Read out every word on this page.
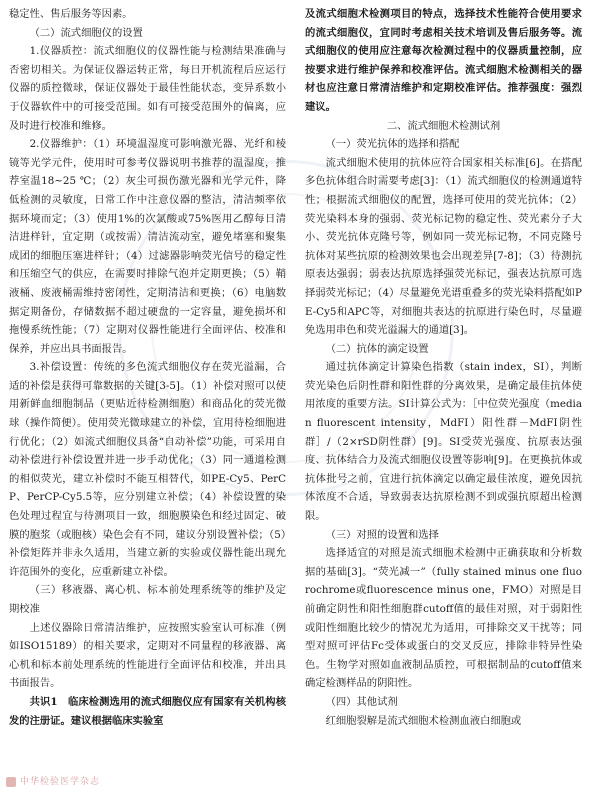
稳定性、售后服务等因素。

（二）流式细胞仪的设置

1.仪器质控：流式细胞仪的仪器性能与检测结果准确与否密切相关。为保证仪器运转正常，每日开机流程后应运行仪器的质控微球，保证仪器处于最佳性能状态，变异系数小于仪器软件中的可接受范围。如有可接受范围外的偏离，应及时进行校准和维修。

2.仪器维护：（1）环境温湿度可影响激光器、光纤和棱镜等光学元件，使用时可参考仪器说明书推荐的温湿度，推荐室温18~25 ℃；（2）灰尘可损伤激光器和光学元件，降低检测的灵敏度，日常工作中注意仪器的整洁，清洁频率依据环境而定；（3）使用1%的次氯酸或75%医用乙醇每日清洁进样针，宜定期（或按需）清洁流动室，避免堵塞和聚集成团的细胞压塞进样针；（4）过滤器影响荧光信号的稳定性和压缩空气的供应，在需要时排除气泡并定期更换；（5）鞘液桶、废液桶需维持密闭性，定期清洁和更换；（6）电脑数据定期备份，存储数据不超过硬盘的一定容量，避免损坏和拖慢系统性能；（7）定期对仪器性能进行全面评估、校准和保养，并应出具书面报告。

3.补偿设置：传统的多色流式细胞仪存在荧光溢漏，合适的补偿是获得可靠数据的关键[3-5]。（1）补偿对照可以使用新鲜血细胞制品（更贴近待检测细胞）和商品化的荧光微球（操作简便）。使用荧光微球建立的补偿，宜用待检细胞进行优化；（2）如流式细胞仪具备“自动补偿”功能，可采用自动补偿进行补偿设置并进一步手动优化；（3）同一通道检测的相似荧光，建立补偿时不能互相替代，如PE-Cy5、PerCP、PerCP-Cy5.5等，应分别建立补偿；（4）补偿设置的染色处理过程宜与待测项目一致，细胞膜染色和经过固定、破膜的胞浆（或胞核）染色会有不同，建议分别设置补偿；（5）补偿矩阵并非永久适用，当建立新的实验或仪器性能出现允许范围外的变化，应重新建立补偿。

（三）移液器、离心机、标本前处理系统等的维护及定期校准

上述仪器除日常清洁维护，应按照实验室认可标准（例如ISO15189）的相关要求，定期对不同量程的移液器、离心机和标本前处理系统的性能进行全面评估和校准，并出具书面报告。

共识1　临床检测选用的流式细胞仪应有国家有关机构核发的注册证。建议根据临床实验室

及流式细胞术检测项目的特点，选择技术性能符合使用要求的流式细胞仪，宜同时考虑相关技术培训及售后服务等。流式细胞仪的使用应注意每次检测过程中的仪器质量控制，应按要求进行维护保养和校准评估。流式细胞术检测相关的器材也应注意日常清洁维护和定期校准评估。推荐强度：强烈建议。

二、流式细胞术检测试剂

（一）荧光抗体的选择和搭配

流式细胞术使用的抗体应符合国家相关标准[6]。在搭配多色抗体组合时需要考虑[3]：（1）流式细胞仪的检测通道特性；根据流式细胞仪的配置，选择可使用的荧光抗体；（2）荧光染料本身的强弱、荧光标记物的稳定性、荧光素分子大小、荧光抗体克隆号等，例如同一荧光标记物，不同克隆号抗体对某些抗原的检测效果也会出现差异[7-8]；（3）待测抗原表达强弱；弱表达抗原选择强荧光标记，强表达抗原可选择弱荧光标记；（4）尽量避免光谱重叠多的荧光染料搭配如PE-Cy5和APC等，对细胞共表达的抗原进行染色时，尽量避免选用串色和荧光溢漏大的通道[3]。

（二）抗体的滴定设置

通过抗体滴定计算染色指数（stain index，SI），判断荧光染色后阴性群和阳性群的分离效果，是确定最佳抗体使用浓度的重要方法。SI计算公式为：［中位荧光强度（median fluorescent intensity，MdFI）阳性群－MdFI阴性群］/（2×rSD阴性群）[9]。SI受荧光强度、抗原表达强度、抗体结合力及流式细胞仪设置等影响[9]。在更换抗体或抗体批号之前，宜进行抗体滴定以确定最佳浓度，避免因抗体浓度不合适，导致弱表达抗原检测不到或强抗原超出检测限。

（三）对照的设置和选择

选择适宜的对照是流式细胞术检测中正确获取和分析数据的基础[3]。“荧光减一”（fully stained minus one fluorochrome或fluorescence minus one，FMO）对照是目前确定阴性和阳性细胞群cutoff值的最佳对照，对于弱阳性或阳性细胞比较少的情况尤为适用，可排除交叉干扰等；同型对照可评估Fc受体或蛋白的交叉反应，排除非特异性染色。生物学对照如血液制品质控，可根据制品的cutoff值来确定检测样品的阴阳性。

（四）其他试剂

红细胞裂解是流式细胞术检测血液白细胞或

中华检验医学杂志
